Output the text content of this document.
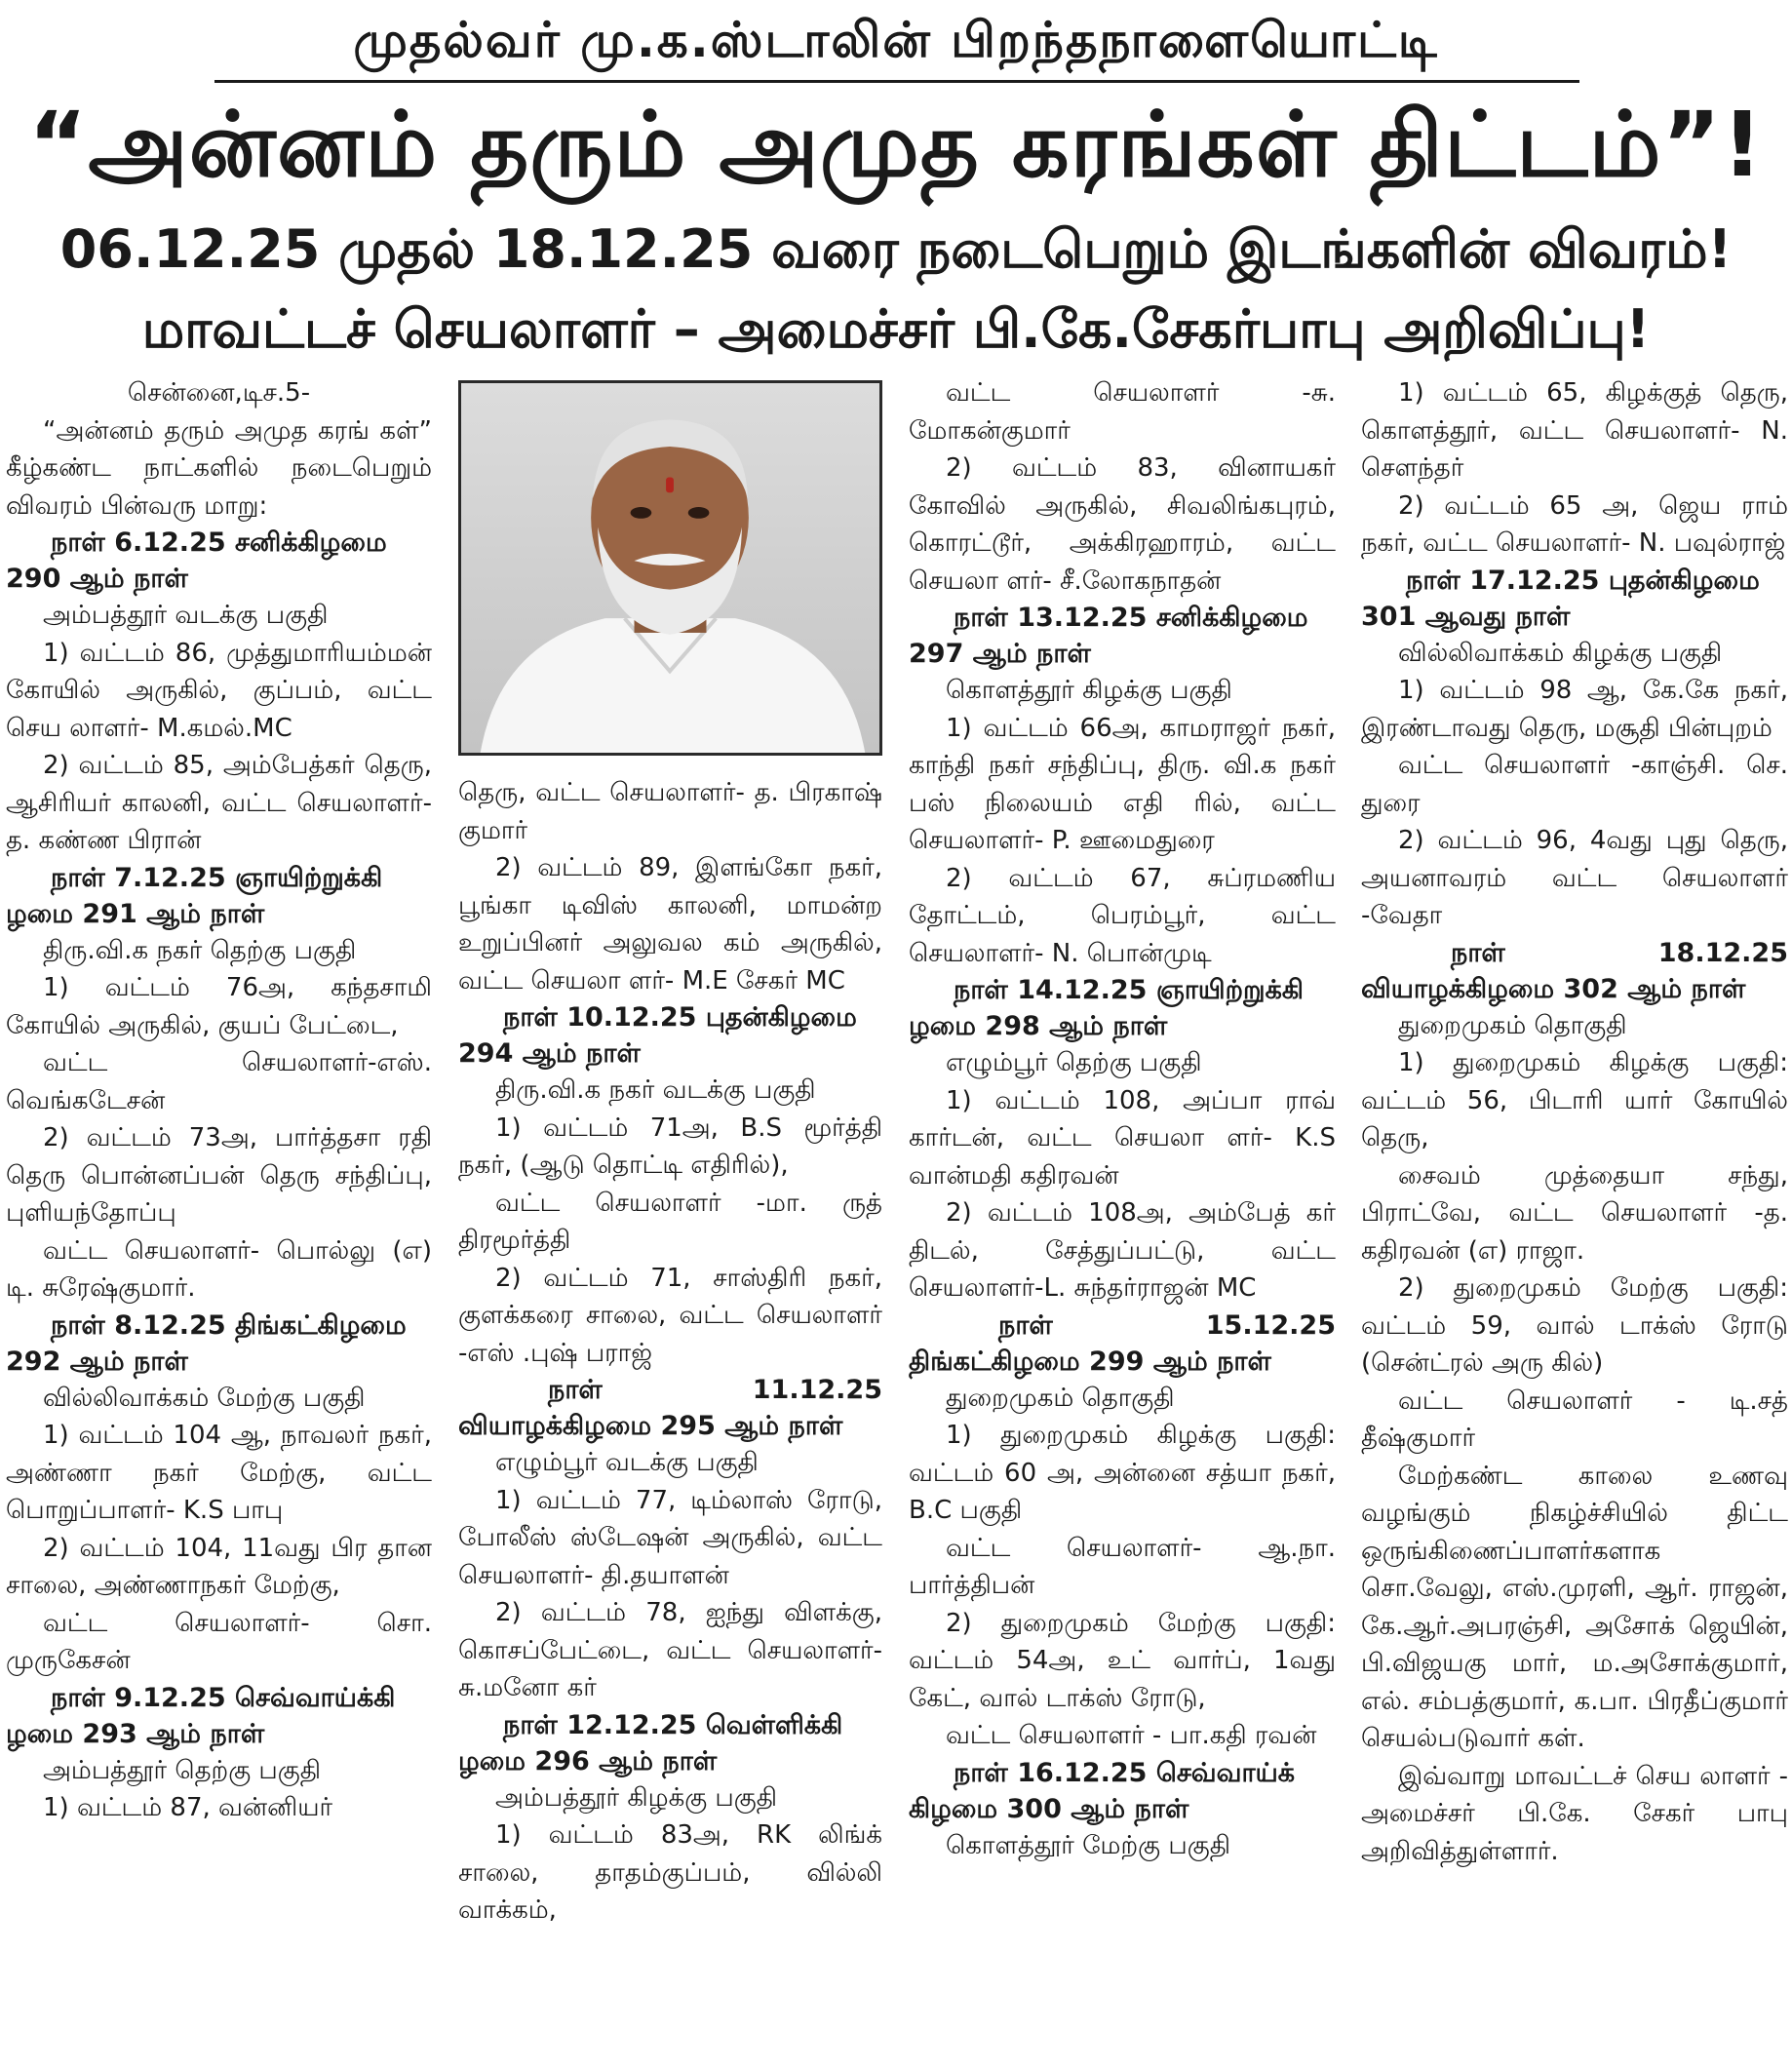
முதல்வர் மு.க.ஸ்டாலின் பிறந்தநாளையொட்டி
“அன்னம் தரும் அமுத கரங்கள் திட்டம்”!
06.12.25 முதல் 18.12.25 வரை நடைபெறும் இடங்களின் விவரம்!
மாவட்டச் செயலாளர் – அமைச்சர் பி.கே.சேகர்பாபு அறிவிப்பு!

சென்னை,டிச.5-

“அன்னம் தரும் அமுத கரங் கள்” கீழ்கண்ட நாட்களில் நடைபெறும் விவரம் பின்வரு மாறு:

நாள் 6.12.25 சனிக்கிழமை 290 ஆம் நாள்

அம்பத்தூர் வடக்கு பகுதி

1) வட்டம் 86, முத்துமாரியம்மன் கோயில் அருகில், குப்பம், வட்ட செய லாளர்- M.கமல்.MC

2) வட்டம் 85, அம்பேத்கர் தெரு, ஆசிரியர் காலனி, வட்ட செயலாளர்-த. கண்ண பிரான்

நாள் 7.12.25 ஞாயிற்றுக்கி ழமை 291 ஆம் நாள்

திரு.வி.க நகர் தெற்கு பகுதி

1) வட்டம் 76அ, கந்தசாமி கோயில் அருகில், குயப் பேட்டை,

வட்ட செயலாளர்-எஸ். வெங்கடேசன்

2) வட்டம் 73அ, பார்த்தசா ரதி தெரு பொன்னப்பன் தெரு சந்திப்பு, புளியந்தோப்பு

வட்ட செயலாளர்- பொல்லு (எ) டி. சுரேஷ்குமார்.

நாள் 8.12.25 திங்கட்கிழமை 292 ஆம் நாள்

வில்லிவாக்கம் மேற்கு பகுதி

1) வட்டம் 104 ஆ, நாவலர் நகர், அண்ணா நகர் மேற்கு, வட்ட பொறுப்பாளர்- K.S பாபு

2) வட்டம் 104, 11வது பிர தான சாலை, அண்ணாநகர் மேற்கு,

வட்ட செயலாளர்- சொ. முருகேசன்

நாள் 9.12.25 செவ்வாய்க்கி ழமை 293 ஆம் நாள்

அம்பத்தூர் தெற்கு பகுதி

1) வட்டம் 87, வன்னியர்

தெரு, வட்ட செயலாளர்- த. பிரகாஷ் குமார்

2) வட்டம் 89, இளங்கோ நகர், பூங்கா டிவிஸ் காலனி, மாமன்ற உறுப்பினர் அலுவல கம் அருகில், வட்ட செயலா ளர்- M.E சேகர் MC

நாள் 10.12.25 புதன்கிழமை 294 ஆம் நாள்

திரு.வி.க நகர் வடக்கு பகுதி

1) வட்டம் 71அ, B.S மூர்த்தி நகர், (ஆடு தொட்டி எதிரில்),

வட்ட செயலாளர் -மா. ருத் திரமூர்த்தி

2) வட்டம் 71, சாஸ்திரி நகர், குளக்கரை சாலை, வட்ட செயலாளர் -எஸ் .புஷ் பராஜ்

நாள்	11.12.25
வியாழக்கிழமை 295 ஆம் நாள்

எழும்பூர் வடக்கு பகுதி

1) வட்டம் 77, டிம்லாஸ் ரோடு, போலீஸ் ஸ்டேஷன் அருகில், வட்ட செயலாளர்- தி.தயாளன்

2) வட்டம் 78, ஐந்து விளக்கு, கொசப்பேட்டை, வட்ட செயலாளர்-சு.மனோ கர்

நாள் 12.12.25 வெள்ளிக்கி ழமை 296 ஆம் நாள்

அம்பத்தூர் கிழக்கு பகுதி

1) வட்டம் 83அ, RK லிங்க் சாலை, தாதம்குப்பம், வில்லி வாக்கம்,

வட்ட செயலாளர் -சு. மோகன்குமார்

2) வட்டம் 83, வினாயகர் கோவில் அருகில், சிவலிங்கபுரம், கொரட்டூர், அக்கிரஹாரம், வட்ட செயலா ளர்- சீ.லோகநாதன்

நாள் 13.12.25 சனிக்கிழமை 297 ஆம் நாள்

கொளத்தூர் கிழக்கு பகுதி

1) வட்டம் 66அ, காமராஜர் நகர், காந்தி நகர் சந்திப்பு, திரு. வி.க நகர் பஸ் நிலையம் எதி ரில், வட்ட செயலாளர்- P. ஊமைதுரை

2) வட்டம் 67, சுப்ரமணிய தோட்டம், பெரம்பூர், வட்ட செயலாளர்- N. பொன்முடி

நாள் 14.12.25 ஞாயிற்றுக்கி ழமை 298 ஆம் நாள்

எழும்பூர் தெற்கு பகுதி

1) வட்டம் 108, அப்பா ராவ் கார்டன், வட்ட செயலா ளர்- K.S வான்மதி கதிரவன்

2) வட்டம் 108அ, அம்பேத் கர் திடல், சேத்துப்பட்டு, வட்ட செயலாளர்-L. சுந்தர்ராஜன் MC

நாள்	15.12.25
திங்கட்கிழமை 299 ஆம் நாள்

துறைமுகம் தொகுதி

1) துறைமுகம் கிழக்கு பகுதி: வட்டம் 60 அ, அன்னை சத்யா நகர், B.C பகுதி

வட்ட செயலாளர்- ஆ.நா. பார்த்திபன்

2) துறைமுகம் மேற்கு பகுதி: வட்டம் 54அ, உட் வார்ப், 1வது கேட், வால் டாக்ஸ் ரோடு,

வட்ட செயலாளர் - பா.கதி ரவன்

நாள் 16.12.25 செவ்வாய்க் கிழமை 300 ஆம் நாள்

கொளத்தூர் மேற்கு பகுதி

1) வட்டம் 65, கிழக்குத் தெரு, கொளத்தூர், வட்ட செயலாளர்- N. சௌந்தர்

2) வட்டம் 65 அ, ஜெய ராம் நகர், வட்ட செயலாளர்- N. பவுல்ராஜ்

நாள் 17.12.25 புதன்கிழமை 301 ஆவது நாள்

வில்லிவாக்கம் கிழக்கு பகுதி

1) வட்டம் 98 ஆ, கே.கே நகர், இரண்டாவது தெரு, மசூதி பின்புறம்

வட்ட செயலாளர் -காஞ்சி. செ. துரை

2) வட்டம் 96, 4வது புது தெரு, அயனாவரம் வட்ட செயலாளர் -வேதா

நாள்	18.12.25
வியாழக்கிழமை 302 ஆம் நாள்

துறைமுகம் தொகுதி

1) துறைமுகம் கிழக்கு பகுதி: வட்டம் 56, பிடாரி யார் கோயில் தெரு,

சைவம் முத்தையா சந்து, பிராட்வே, வட்ட செயலாளர் -த. கதிரவன் (எ) ராஜா.

2) துறைமுகம் மேற்கு பகுதி: வட்டம் 59, வால் டாக்ஸ் ரோடு (சென்ட்ரல் அரு கில்)

வட்ட செயலாளர் - டி.சத் தீஷ்குமார்

மேற்கண்ட காலை உணவு வழங்கும் நிகழ்ச்சியில் திட்ட ஒருங்கிணைப்பாளர்களாக சொ.வேலு, எஸ்.முரளி, ஆர். ராஜன், கே.ஆர்.அபரஞ்சி, அசோக் ஜெயின், பி.விஜயகு மார், ம.அசோக்குமார், எல். சம்பத்குமார், க.பா. பிரதீப்குமார் செயல்படுவார் கள்.

இவ்வாறு மாவட்டச் செய லாளர் - அமைச்சர் பி.கே. சேகர் பாபு அறிவித்துள்ளார்.
